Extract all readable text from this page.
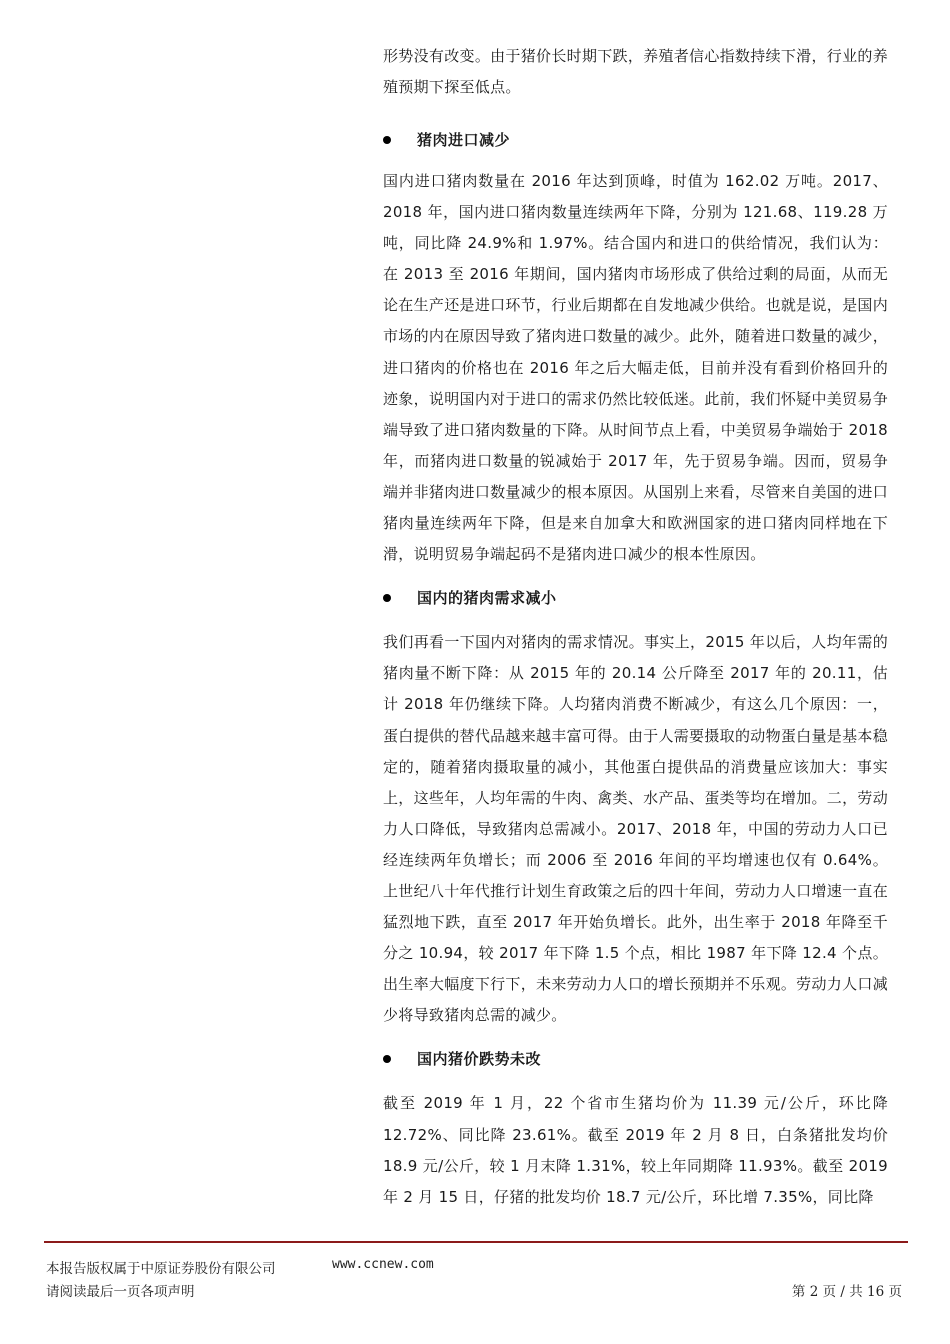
形势没有改变。由于猪价长时期下跌，养殖者信心指数持续下滑，行业的养殖预期下探至低点。

猪肉进口减少

国内进口猪肉数量在 2016 年达到顶峰，时值为 162.02 万吨。2017、2018 年，国内进口猪肉数量连续两年下降，分别为 121.68、119.28 万吨，同比降 24.9%和 1.97%。结合国内和进口的供给情况，我们认为：在 2013 至 2016 年期间，国内猪肉市场形成了供给过剩的局面，从而无论在生产还是进口环节，行业后期都在自发地减少供给。也就是说，是国内市场的内在原因导致了猪肉进口数量的减少。此外，随着进口数量的减少，进口猪肉的价格也在 2016 年之后大幅走低，目前并没有看到价格回升的迹象，说明国内对于进口的需求仍然比较低迷。此前，我们怀疑中美贸易争端导致了进口猪肉数量的下降。从时间节点上看，中美贸易争端始于 2018 年，而猪肉进口数量的锐减始于 2017 年，先于贸易争端。因而，贸易争端并非猪肉进口数量减少的根本原因。从国别上来看，尽管来自美国的进口猪肉量连续两年下降，但是来自加拿大和欧洲国家的进口猪肉同样地在下滑，说明贸易争端起码不是猪肉进口减少的根本性原因。

国内的猪肉需求减小

我们再看一下国内对猪肉的需求情况。事实上，2015 年以后，人均年需的猪肉量不断下降：从 2015 年的 20.14 公斤降至 2017 年的 20.11，估计 2018 年仍继续下降。人均猪肉消费不断减少，有这么几个原因：一，蛋白提供的替代品越来越丰富可得。由于人需要摄取的动物蛋白量是基本稳定的，随着猪肉摄取量的减小，其他蛋白提供品的消费量应该加大：事实上，这些年，人均年需的牛肉、禽类、水产品、蛋类等均在增加。二，劳动力人口降低，导致猪肉总需减小。2017、2018 年，中国的劳动力人口已经连续两年负增长；而 2006 至 2016 年间的平均增速也仅有 0.64%。上世纪八十年代推行计划生育政策之后的四十年间，劳动力人口增速一直在猛烈地下跌，直至 2017 年开始负增长。此外，出生率于 2018 年降至千分之 10.94，较 2017 年下降 1.5 个点，相比 1987 年下降 12.4 个点。出生率大幅度下行下，未来劳动力人口的增长预期并不乐观。劳动力人口减少将导致猪肉总需的减少。

国内猪价跌势未改

截至 2019 年 1 月，22 个省市生猪均价为 11.39 元/公斤，环比降 12.72%、同比降 23.61%。截至 2019 年 2 月 8 日，白条猪批发均价 18.9 元/公斤，较 1 月末降 1.31%，较上年同期降 11.93%。截至 2019 年 2 月 15 日，仔猪的批发均价 18.7 元/公斤，环比增 7.35%，同比降

本报告版权属于中原证券股份有限公司	www.ccnew.com
请阅读最后一页各项声明	第 2 页 / 共 16 页
